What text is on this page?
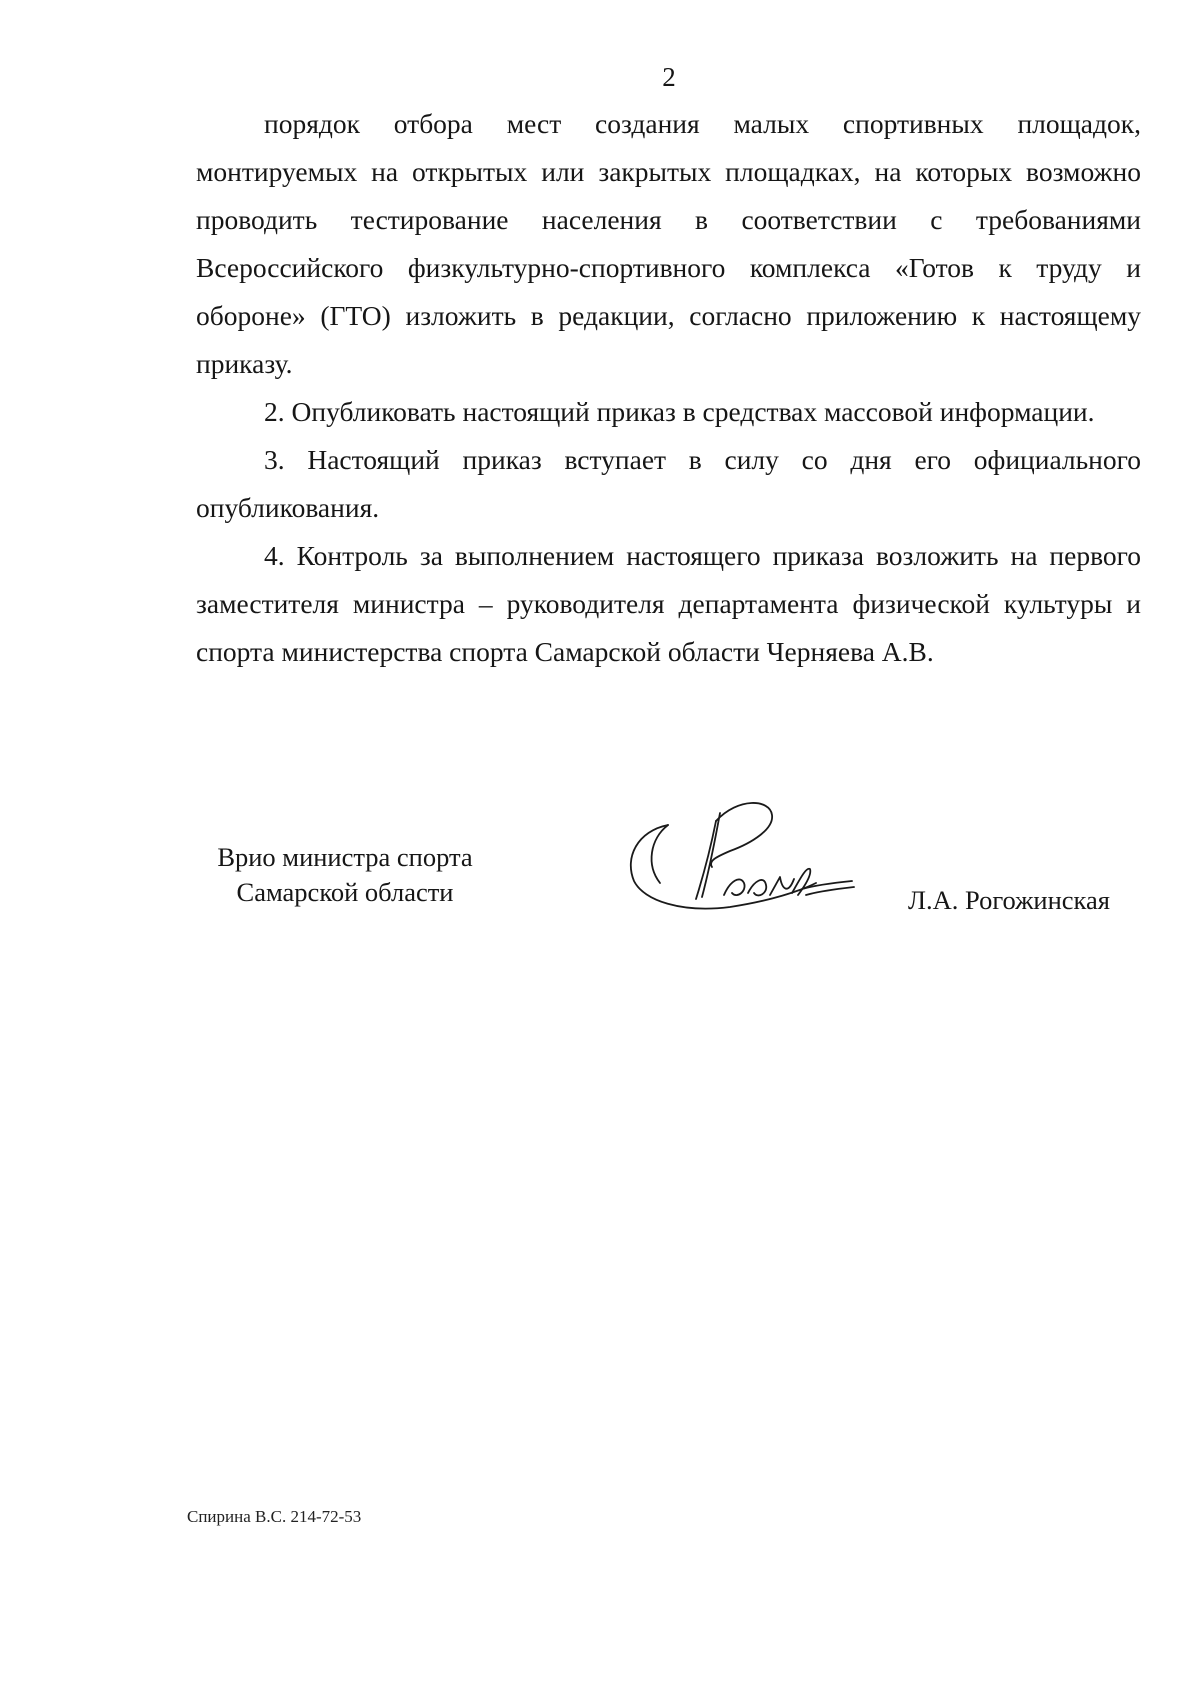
2

порядок отбора мест создания малых спортивных площадок, монтируемых на открытых или закрытых площадках, на которых возможно проводить тестирование населения в соответствии с требованиями Всероссийского физкультурно-спортивного комплекса «Готов к труду и обороне» (ГТО) изложить в редакции, согласно приложению к настоящему приказу.

2. Опубликовать настоящий приказ в средствах массовой информации.

3. Настоящий приказ вступает в силу со дня его официального опубликования.

4. Контроль за выполнением настоящего приказа возложить на первого заместителя министра – руководителя департамента физической культуры и спорта министерства спорта Самарской области Черняева А.В.

Врио министра спорта
Самарской области	Л.А. Рогожинская
Спирина В.С. 214-72-53
